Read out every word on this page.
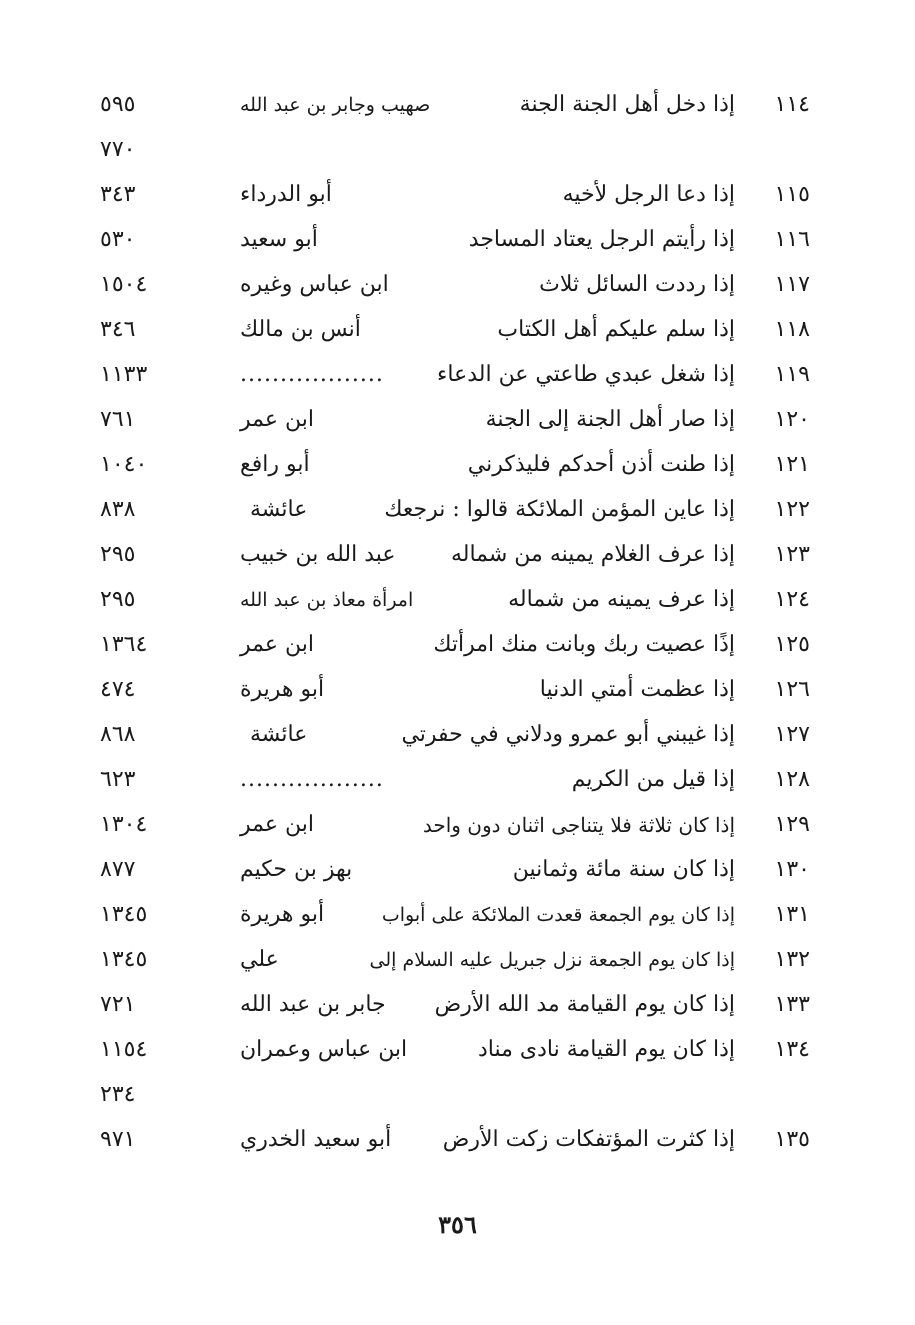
١١٤
إذا دخل أهل الجنة الجنة
صهيب وجابر بن عبد الله
٥٩٥
٧٧٠
١١٥
إذا دعا الرجل لأخيه
أبو الدرداء
٣٤٣
١١٦
إذا رأيتم الرجل يعتاد المساجد
أبو سعيد
٥٣٠
١١٧
إذا رددت السائل ثلاث
ابن عباس وغيره
١٥٠٤
١١٨
إذا سلم عليكم أهل الكتاب
أنس بن مالك
٣٤٦
١١٩
إذا شغل عبدي طاعتي عن الدعاء
..................
١١٣٣
١٢٠
إذا صار أهل الجنة إلى الجنة
ابن عمر
٧٦١
١٢١
إذا طنت أذن أحدكم فليذكرني
أبو رافع
١٠٤٠
١٢٢
إذا عاين المؤمن الملائكة قالوا : نرجعك
عائشة
٨٣٨
١٢٣
إذا عرف الغلام يمينه من شماله
عبد الله بن خبيب
٢٩٥
١٢٤
إذا عرف يمينه من شماله
امرأة معاذ بن عبد الله
٢٩٥
١٢٥
إذًا عصيت ربك وبانت منك امرأتك
ابن عمر
١٣٦٤
١٢٦
إذا عظمت أمتي الدنيا
أبو هريرة
٤٧٤
١٢٧
إذا غيبني أبو عمرو ودلاني في حفرتي
عائشة
٨٦٨
١٢٨
إذا قيل من الكريم
..................
٦٢٣
١٢٩
إذا كان ثلاثة فلا يتناجى اثنان دون واحد
ابن عمر
١٣٠٤
١٣٠
إذا كان سنة مائة وثمانين
بهز بن حكيم
٨٧٧
١٣١
إذا كان يوم الجمعة قعدت الملائكة على أبواب
أبو هريرة
١٣٤٥
١٣٢
إذا كان يوم الجمعة نزل جبريل عليه السلام إلى
علي
١٣٤٥
١٣٣
إذا كان يوم القيامة مد الله الأرض
جابر بن عبد الله
٧٢١
١٣٤
إذا كان يوم القيامة نادى مناد
ابن عباس وعمران
١١٥٤
٢٣٤
١٣٥
إذا كثرت المؤتفكات زكت الأرض
أبو سعيد الخدري
٩٧١
٣٥٦
